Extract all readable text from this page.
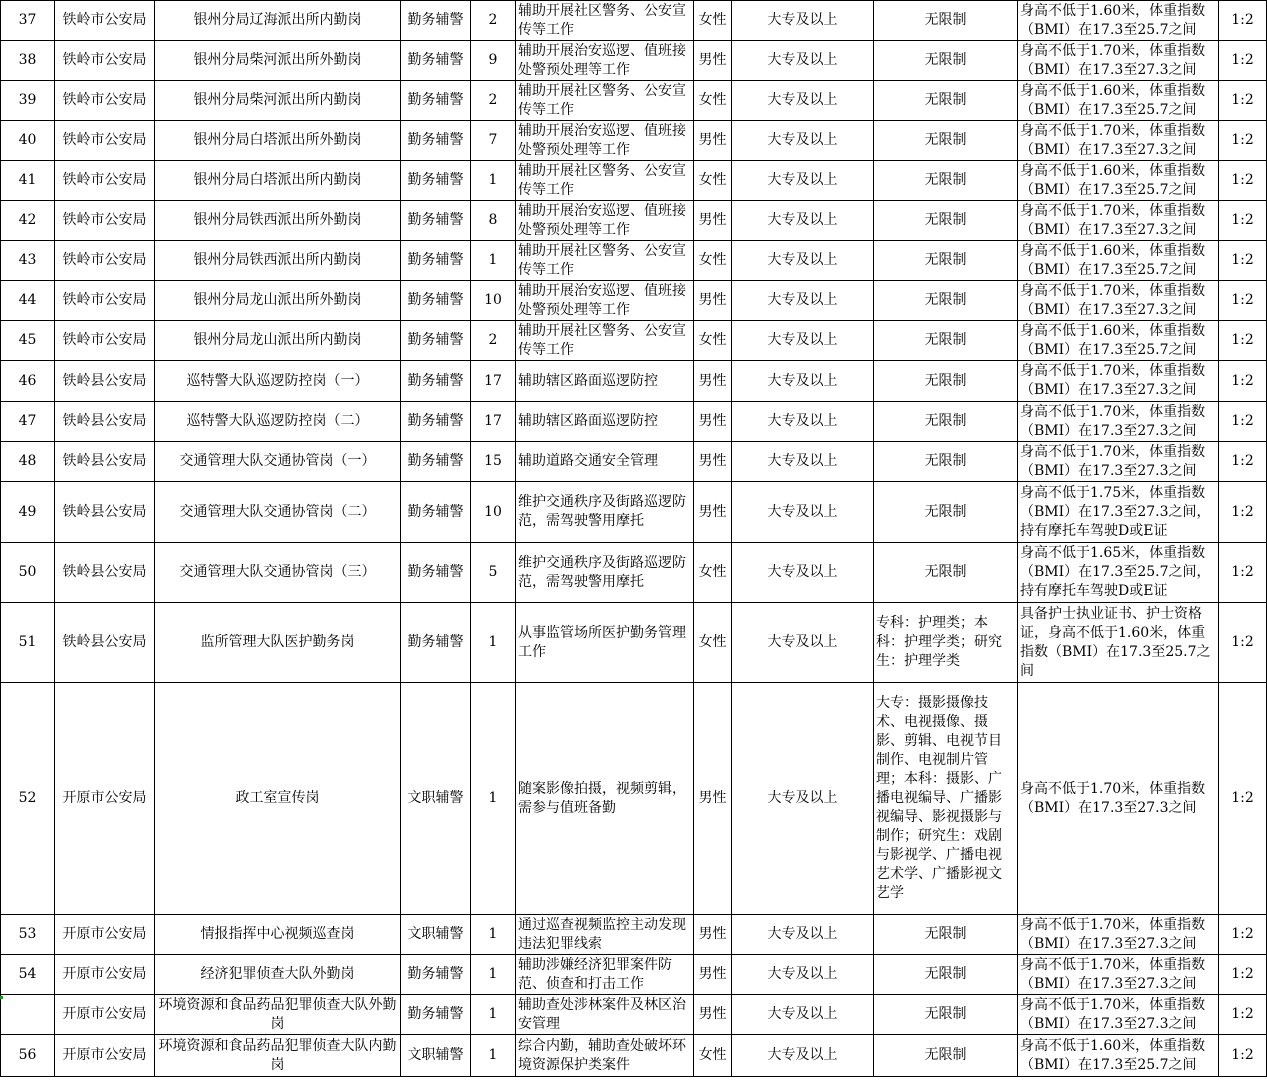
37	铁岭市公安局	银州分局辽海派出所内勤岗	勤务辅警	2	辅助开展社区警务、公安宣传等工作	女性	大专及以上	无限制	身高不低于1.60米，体重指数（BMI）在17.3至25.7之间	1:2
38	铁岭市公安局	银州分局柴河派出所外勤岗	勤务辅警	9	辅助开展治安巡逻、值班接处警预处理等工作	男性	大专及以上	无限制	身高不低于1.70米，体重指数（BMI）在17.3至27.3之间	1:2
39	铁岭市公安局	银州分局柴河派出所内勤岗	勤务辅警	2	辅助开展社区警务、公安宣传等工作	女性	大专及以上	无限制	身高不低于1.60米，体重指数（BMI）在17.3至25.7之间	1:2
40	铁岭市公安局	银州分局白塔派出所外勤岗	勤务辅警	7	辅助开展治安巡逻、值班接处警预处理等工作	男性	大专及以上	无限制	身高不低于1.70米，体重指数（BMI）在17.3至27.3之间	1:2
41	铁岭市公安局	银州分局白塔派出所内勤岗	勤务辅警	1	辅助开展社区警务、公安宣传等工作	女性	大专及以上	无限制	身高不低于1.60米，体重指数（BMI）在17.3至25.7之间	1:2
42	铁岭市公安局	银州分局铁西派出所外勤岗	勤务辅警	8	辅助开展治安巡逻、值班接处警预处理等工作	男性	大专及以上	无限制	身高不低于1.70米，体重指数（BMI）在17.3至27.3之间	1:2
43	铁岭市公安局	银州分局铁西派出所内勤岗	勤务辅警	1	辅助开展社区警务、公安宣传等工作	女性	大专及以上	无限制	身高不低于1.60米，体重指数（BMI）在17.3至25.7之间	1:2
44	铁岭市公安局	银州分局龙山派出所外勤岗	勤务辅警	10	辅助开展治安巡逻、值班接处警预处理等工作	男性	大专及以上	无限制	身高不低于1.70米，体重指数（BMI）在17.3至27.3之间	1:2
45	铁岭市公安局	银州分局龙山派出所内勤岗	勤务辅警	2	辅助开展社区警务、公安宣传等工作	女性	大专及以上	无限制	身高不低于1.60米，体重指数（BMI）在17.3至25.7之间	1:2
46	铁岭县公安局	巡特警大队巡逻防控岗（一）	勤务辅警	17	辅助辖区路面巡逻防控	男性	大专及以上	无限制	身高不低于1.70米，体重指数（BMI）在17.3至27.3之间	1:2
47	铁岭县公安局	巡特警大队巡逻防控岗（二）	勤务辅警	17	辅助辖区路面巡逻防控	男性	大专及以上	无限制	身高不低于1.70米，体重指数（BMI）在17.3至27.3之间	1:2
48	铁岭县公安局	交通管理大队交通协管岗（一）	勤务辅警	15	辅助道路交通安全管理	男性	大专及以上	无限制	身高不低于1.70米，体重指数（BMI）在17.3至27.3之间	1:2
49	铁岭县公安局	交通管理大队交通协管岗（二）	勤务辅警	10	维护交通秩序及街路巡逻防范，需驾驶警用摩托	男性	大专及以上	无限制	身高不低于1.75米，体重指数（BMI）在17.3至27.3之间，持有摩托车驾驶D或E证	1:2
50	铁岭县公安局	交通管理大队交通协管岗（三）	勤务辅警	5	维护交通秩序及街路巡逻防范，需驾驶警用摩托	女性	大专及以上	无限制	身高不低于1.65米，体重指数（BMI）在17.3至25.7之间，持有摩托车驾驶D或E证	1:2
51	铁岭县公安局	监所管理大队医护勤务岗	勤务辅警	1	从事监管场所医护勤务管理工作	女性	大专及以上	专科：护理类；本科：护理学类；研究生：护理学类	具备护士执业证书、护士资格证，身高不低于1.60米，体重指数（BMI）在17.3至25.7之间	1:2
52	开原市公安局	政工室宣传岗	文职辅警	1	随案影像拍摄，视频剪辑，需参与值班备勤	男性	大专及以上	大专：摄影摄像技术、电视摄像、摄影、剪辑、电视节目制作、电视制片管理；本科：摄影、广播电视编导、广播影视编导、影视摄影与制作；研究生：戏剧与影视学、广播电视艺术学、广播影视文艺学	身高不低于1.70米，体重指数（BMI）在17.3至27.3之间	1:2
53	开原市公安局	情报指挥中心视频巡查岗	文职辅警	1	通过巡查视频监控主动发现违法犯罪线索	男性	大专及以上	无限制	身高不低于1.70米，体重指数（BMI）在17.3至27.3之间	1:2
54	开原市公安局	经济犯罪侦查大队外勤岗	勤务辅警	1	辅助涉嫌经济犯罪案件防范、侦查和打击工作	男性	大专及以上	无限制	身高不低于1.70米，体重指数（BMI）在17.3至27.3之间	1:2
	开原市公安局	环境资源和食品药品犯罪侦查大队外勤岗	勤务辅警	1	辅助查处涉林案件及林区治安管理	男性	大专及以上	无限制	身高不低于1.70米，体重指数（BMI）在17.3至27.3之间	1:2
56	开原市公安局	环境资源和食品药品犯罪侦查大队内勤岗	文职辅警	1	综合内勤，辅助查处破坏环境资源保护类案件	女性	大专及以上	无限制	身高不低于1.60米，体重指数（BMI）在17.3至25.7之间	1:2
